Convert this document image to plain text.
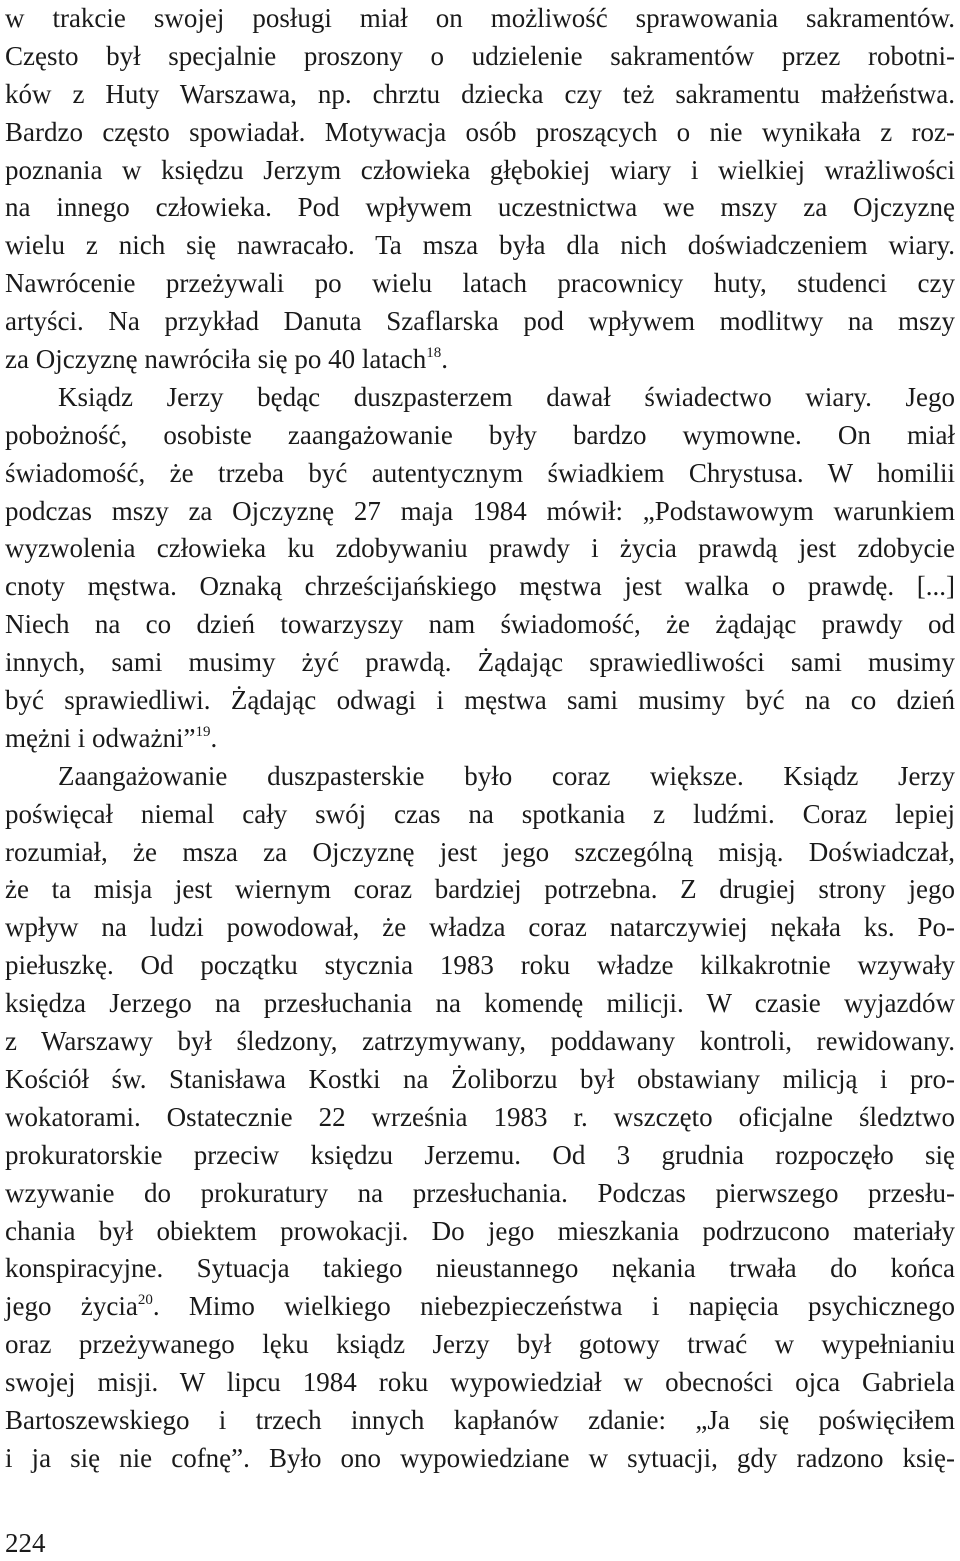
w trakcie swojej posługi miał on możliwość sprawowania sakramentów.
Często był specjalnie proszony o udzielenie sakramentów przez robotni-
ków z Huty Warszawa, np. chrztu dziecka czy też sakramentu małżeństwa.
Bardzo często spowiadał. Motywacja osób proszących o nie wynikała z roz-
poznania w księdzu Jerzym człowieka głębokiej wiary i wielkiej wrażliwości
na innego człowieka. Pod wpływem uczestnictwa we mszy za Ojczyznę
wielu z nich się nawracało. Ta msza była dla nich doświadczeniem wiary.
Nawrócenie przeżywali po wielu latach pracownicy huty, studenci czy
artyści. Na przykład Danuta Szaflarska pod wpływem modlitwy na mszy
za Ojczyznę nawróciła się po 40 latach$^{18}$.
Ksiądz Jerzy będąc duszpasterzem dawał świadectwo wiary. Jego
pobożność, osobiste zaangażowanie były bardzo wymowne. On miał
świadomość, że trzeba być autentycznym świadkiem Chrystusa. W homilii
podczas mszy za Ojczyznę 27 maja 1984 mówił: „Podstawowym warunkiem
wyzwolenia człowieka ku zdobywaniu prawdy i życia prawdą jest zdobycie
cnoty męstwa. Oznaką chrześcijańskiego męstwa jest walka o prawdę. [...]
Niech na co dzień towarzyszy nam świadomość, że żądając prawdy od
innych, sami musimy żyć prawdą. Żądając sprawiedliwości sami musimy
być sprawiedliwi. Żądając odwagi i męstwa sami musimy być na co dzień
mężni i odważni”$^{19}$.
Zaangażowanie duszpasterskie było coraz większe. Ksiądz Jerzy
poświęcał niemal cały swój czas na spotkania z ludźmi. Coraz lepiej
rozumiał, że msza za Ojczyznę jest jego szczególną misją. Doświadczał,
że ta misja jest wiernym coraz bardziej potrzebna. Z drugiej strony jego
wpływ na ludzi powodował, że władza coraz natarczywiej nękała ks. Po-
piełuszkę. Od początku stycznia 1983 roku władze kilkakrotnie wzywały
księdza Jerzego na przesłuchania na komendę milicji. W czasie wyjazdów
z Warszawy był śledzony, zatrzymywany, poddawany kontroli, rewidowany.
Kościół św. Stanisława Kostki na Żoliborzu był obstawiany milicją i pro-
wokatorami. Ostatecznie 22 września 1983 r. wszczęto oficjalne śledztwo
prokuratorskie przeciw księdzu Jerzemu. Od 3 grudnia rozpoczęło się
wzywanie do prokuratury na przesłuchania. Podczas pierwszego przesłu-
chania był obiektem prowokacji. Do jego mieszkania podrzucono materiały
konspiracyjne. Sytuacja takiego nieustannego nękania trwała do końca
jego życia$^{20}$. Mimo wielkiego niebezpieczeństwa i napięcia psychicznego
oraz przeżywanego lęku ksiądz Jerzy był gotowy trwać w wypełnianiu
swojej misji. W lipcu 1984 roku wypowiedział w obecności ojca Gabriela
Bartoszewskiego i trzech innych kapłanów zdanie: „Ja się poświęciłem
i ja się nie cofnę”. Było ono wypowiedziane w sytuacji, gdy radzono księ-
224
